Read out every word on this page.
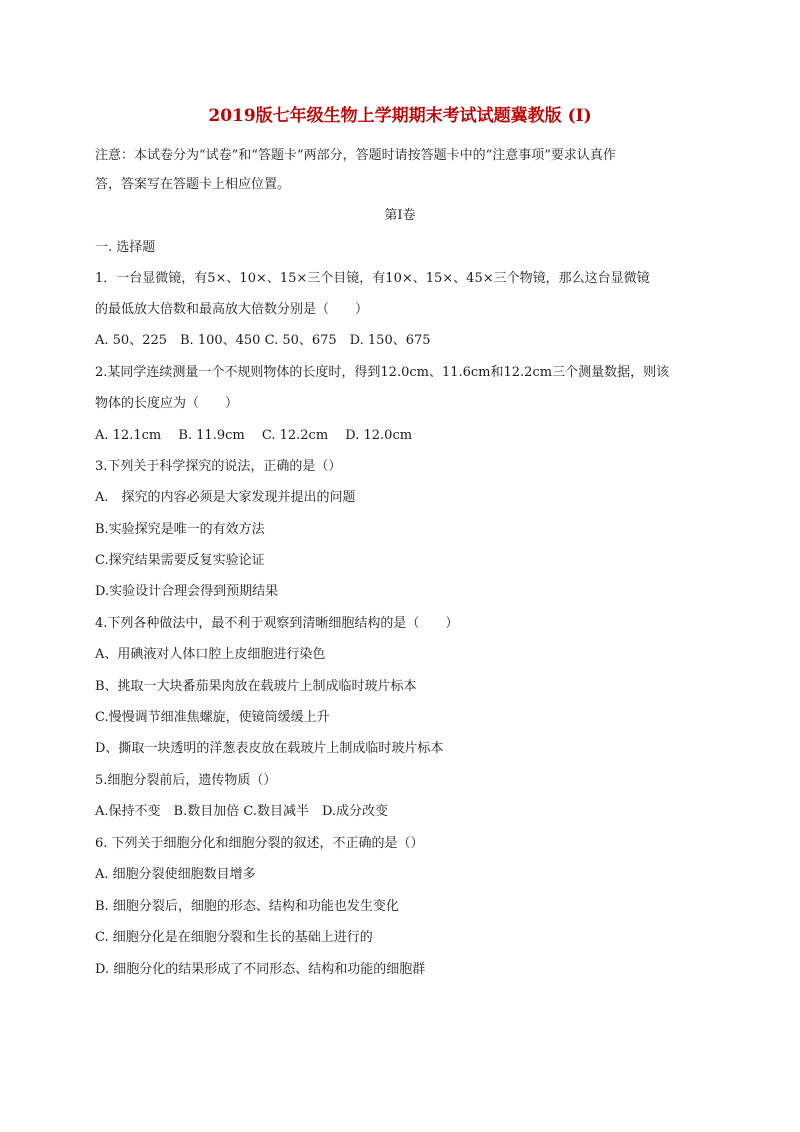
2019版七年级生物上学期期末考试试题冀教版 (I)
注意：本试卷分为“试卷”和“答题卡”两部分，答题时请按答题卡中的“注意事项”要求认真作
答，答案写在答题卡上相应位置。
第Ⅰ卷
一. 选择题
1．一台显微镜，有5×、10×、15×三个目镜，有10×、15×、45×三个物镜，那么这台显微镜
的最低放大倍数和最高放大倍数分别是（　　）
A. 50、225　B. 100、450 C. 50、675　D. 150、675
2.某同学连续测量一个不规则物体的长度时，得到12.0cm、11.6cm和12.2cm三个测量数据，则该
物体的长度应为（　　）
A. 12.1cm　 B. 11.9cm　 C. 12.2cm　 D. 12.0cm
3.下列关于科学探究的说法，正确的是（）
A.　探究的内容必须是大家发现并提出的问题
B.实验探究是唯一的有效方法
C.探究结果需要反复实验论证
D.实验设计合理会得到预期结果
4.下列各种做法中，最不利于观察到清晰细胞结构的是（　　）
A、用碘液对人体口腔上皮细胞进行染色
B、挑取一大块番茄果肉放在载玻片上制成临时玻片标本
C.慢慢调节细准焦螺旋，使镜筒缓缓上升
D、撕取一块透明的洋葱表皮放在载玻片上制成临时玻片标本
5.细胞分裂前后，遗传物质（）
A.保持不变　B.数目加倍 C.数目减半　D.成分改变
6. 下列关于细胞分化和细胞分裂的叙述，不正确的是（）
A. 细胞分裂使细胞数目增多
B. 细胞分裂后，细胞的形态、结构和功能也发生变化
C. 细胞分化是在细胞分裂和生长的基础上进行的
D. 细胞分化的结果形成了不同形态、结构和功能的细胞群
